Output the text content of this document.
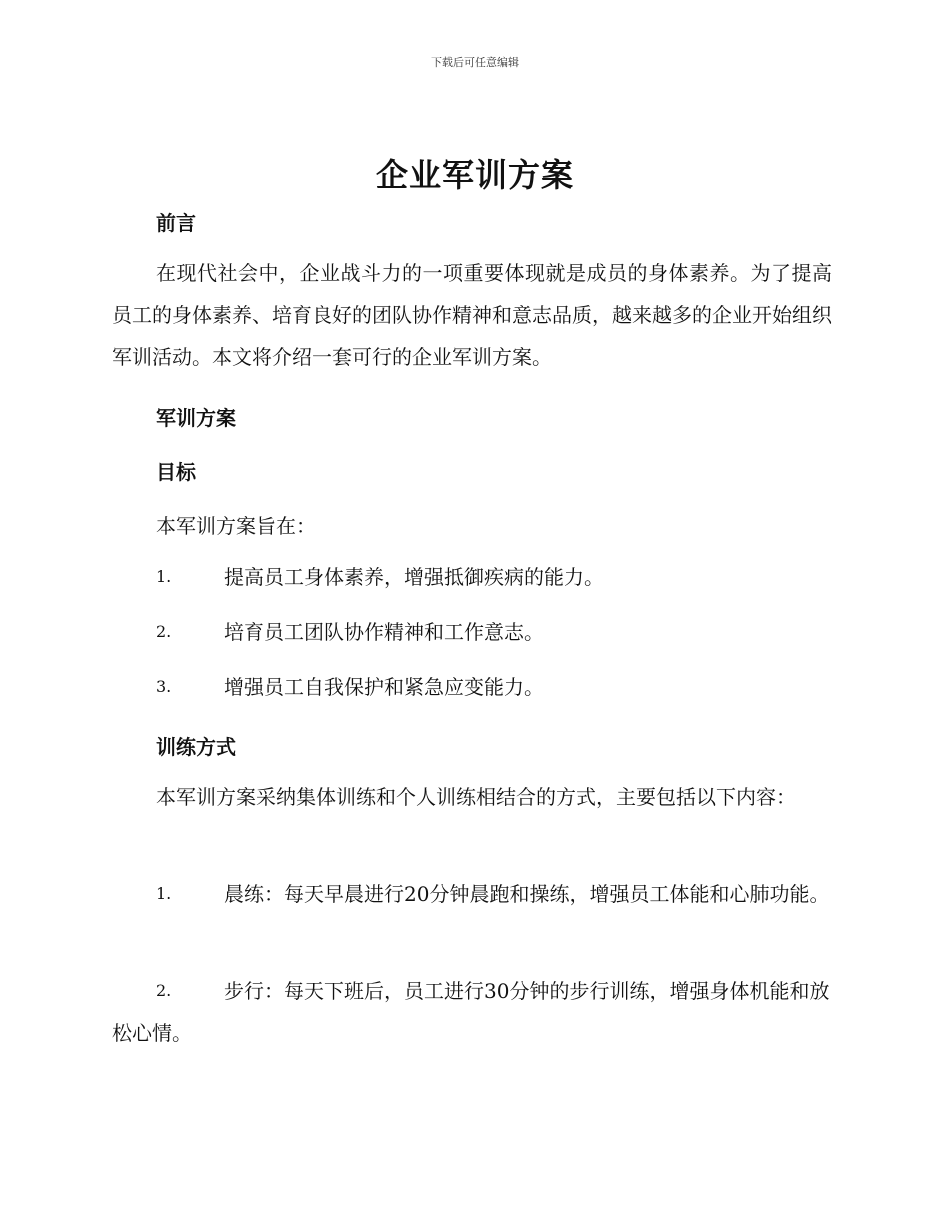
下载后可任意编辑
企业军训方案
前言
在现代社会中，企业战斗力的一项重要体现就是成员的身体素养。为了提高员工的身体素养、培育良好的团队协作精神和意志品质，越来越多的企业开始组织军训活动。本文将介绍一套可行的企业军训方案。
军训方案
目标
本军训方案旨在：
1.	提高员工身体素养，增强抵御疾病的能力。
2.	培育员工团队协作精神和工作意志。
3.	增强员工自我保护和紧急应变能力。
训练方式
本军训方案采纳集体训练和个人训练相结合的方式，主要包括以下内容：
1.	晨练：每天早晨进行20分钟晨跑和操练，增强员工体能和心肺功能。
2.	步行：每天下班后，员工进行30分钟的步行训练，增强身体机能和放松心情。
